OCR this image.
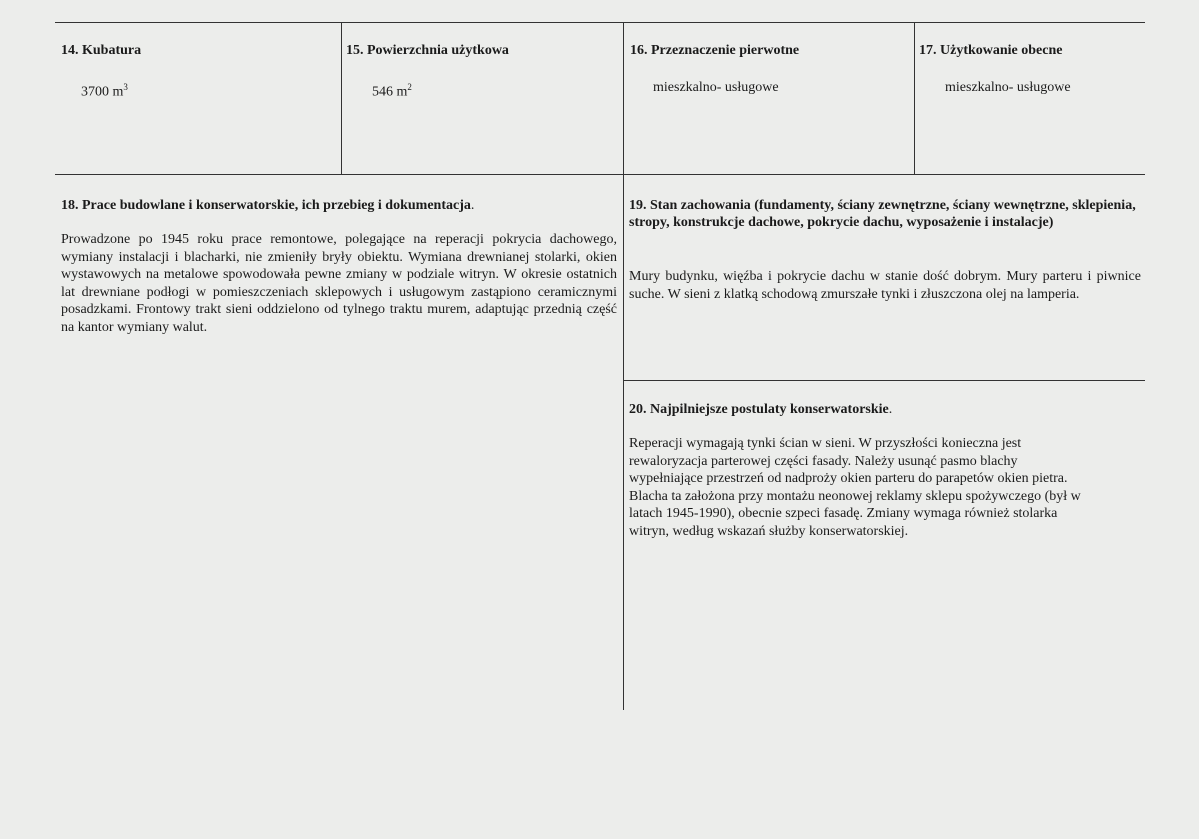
14. Kubatura
3700 $m^3$
15. Powierzchnia użytkowa
546 $m^2$
16. Przeznaczenie pierwotne
mieszkalno- usługowe
17. Użytkowanie obecne
mieszkalno- usługowe
18. Prace budowlane i konserwatorskie, ich przebieg i dokumentacja.
Prowadzone po 1945 roku prace remontowe, polegające na reperacji pokrycia dachowego, wymiany instalacji i blacharki, nie zmieniły bryły obiektu. Wymiana drewnianej stolarki, okien wystawowych na metalowe spowodowała pewne zmiany w podziale witryn. W okresie ostatnich lat drewniane podłogi w pomieszczeniach sklepowych i usługowym zastąpiono ceramicznymi posadzkami. Frontowy trakt sieni oddzielono od tylnego traktu murem, adaptując przednią część na kantor wymiany walut.
19. Stan zachowania (fundamenty, ściany zewnętrzne, ściany wewnętrzne, sklepienia, stropy, konstrukcje dachowe, pokrycie dachu, wyposażenie i instalacje)
Mury budynku, więźba i pokrycie dachu w stanie dość dobrym. Mury parteru i piwnice suche. W sieni z klatką schodową zmurszałe tynki i złuszczona olej na lamperia.
20. Najpilniejsze postulaty konserwatorskie.
Reperacji wymagają tynki ścian w sieni. W przyszłości konieczna jest
rewaloryzacja parterowej części fasady. Należy usunąć pasmo blachy
wypełniające przestrzeń od nadproży okien parteru do parapetów okien pietra.
Blacha ta założona przy montażu neonowej reklamy sklepu spożywczego (był w
latach 1945-1990), obecnie szpeci fasadę. Zmiany wymaga również stolarka
witryn, według wskazań służby konserwatorskiej.
